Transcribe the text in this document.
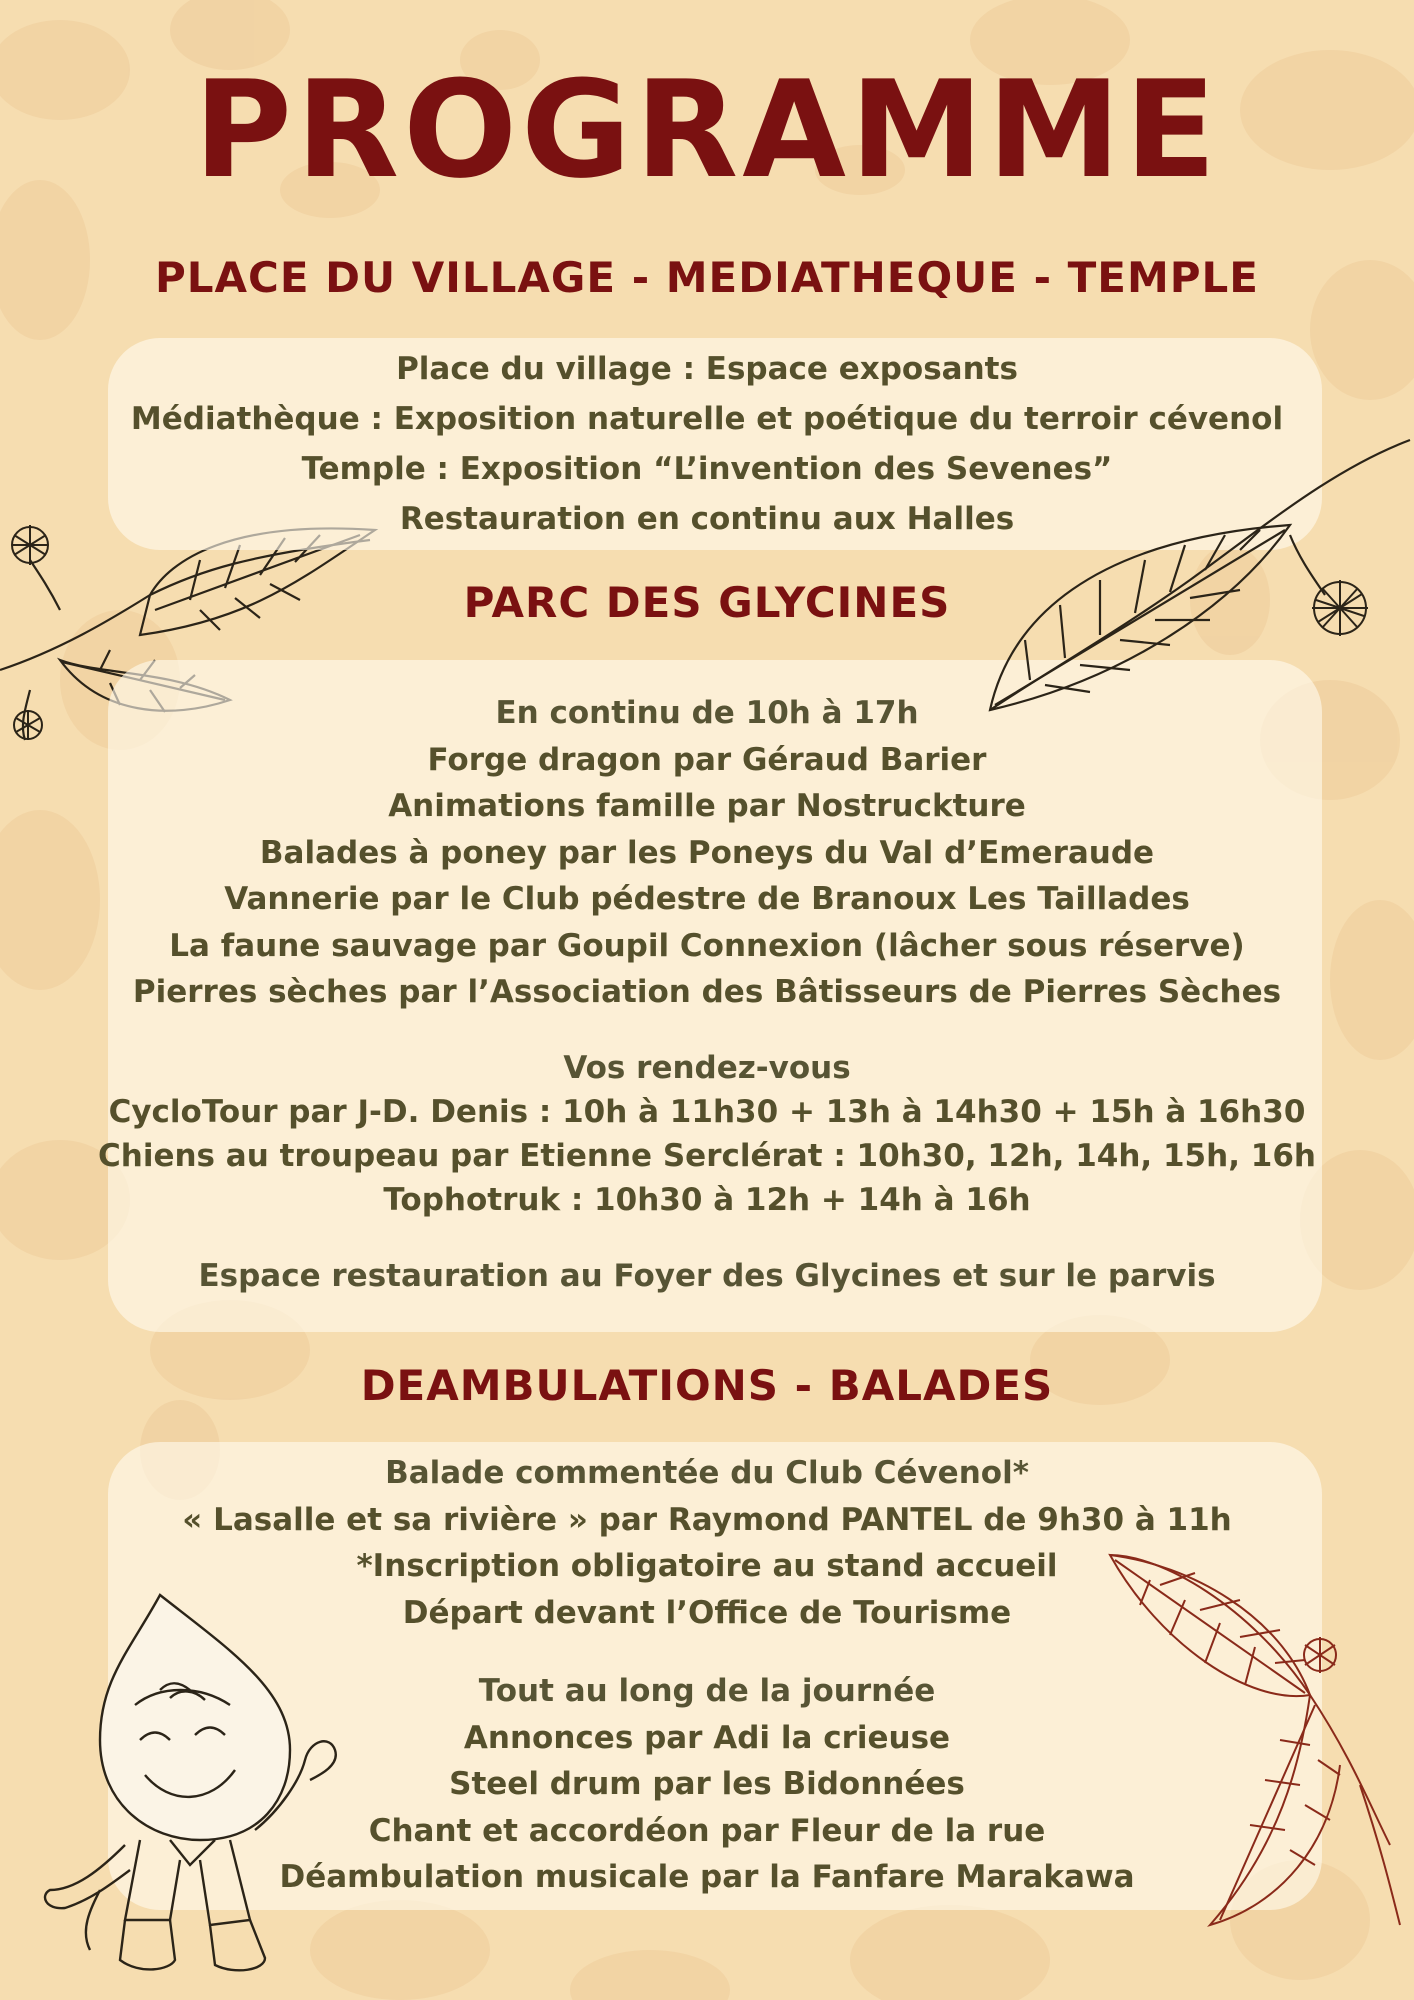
PROGRAMME
PLACE DU VILLAGE - MEDIATHEQUE - TEMPLE
Place du village : Espace exposants
Médiathèque : Exposition naturelle et poétique du terroir cévenol
Temple : Exposition “L’invention des Sevenes”
Restauration en continu aux Halles
PARC DES GLYCINES
En continu de 10h à 17h
Forge dragon par Géraud Barier
Animations famille par Nostruckture
Balades à poney par les Poneys du Val d’Emeraude
Vannerie par le Club pédestre de Branoux Les Taillades
La faune sauvage par Goupil Connexion (lâcher sous réserve)
Pierres sèches par l’Association des Bâtisseurs de Pierres Sèches
Vos rendez-vous
CycloTour par J-D. Denis : 10h à 11h30 + 13h à 14h30 + 15h à 16h30
Chiens au troupeau par Etienne Serclérat : 10h30, 12h, 14h, 15h, 16h
Tophotruk : 10h30 à 12h + 14h à 16h
Espace restauration au Foyer des Glycines et sur le parvis
DEAMBULATIONS - BALADES
Balade commentée du Club Cévenol*
« Lasalle et sa rivière » par Raymond PANTEL de 9h30 à 11h
*Inscription obligatoire au stand accueil
Départ devant l’Office de Tourisme
Tout au long de la journée
Annonces par Adi la crieuse
Steel drum par les Bidonnées
Chant et accordéon par Fleur de la rue
Déambulation musicale par la Fanfare Marakawa
